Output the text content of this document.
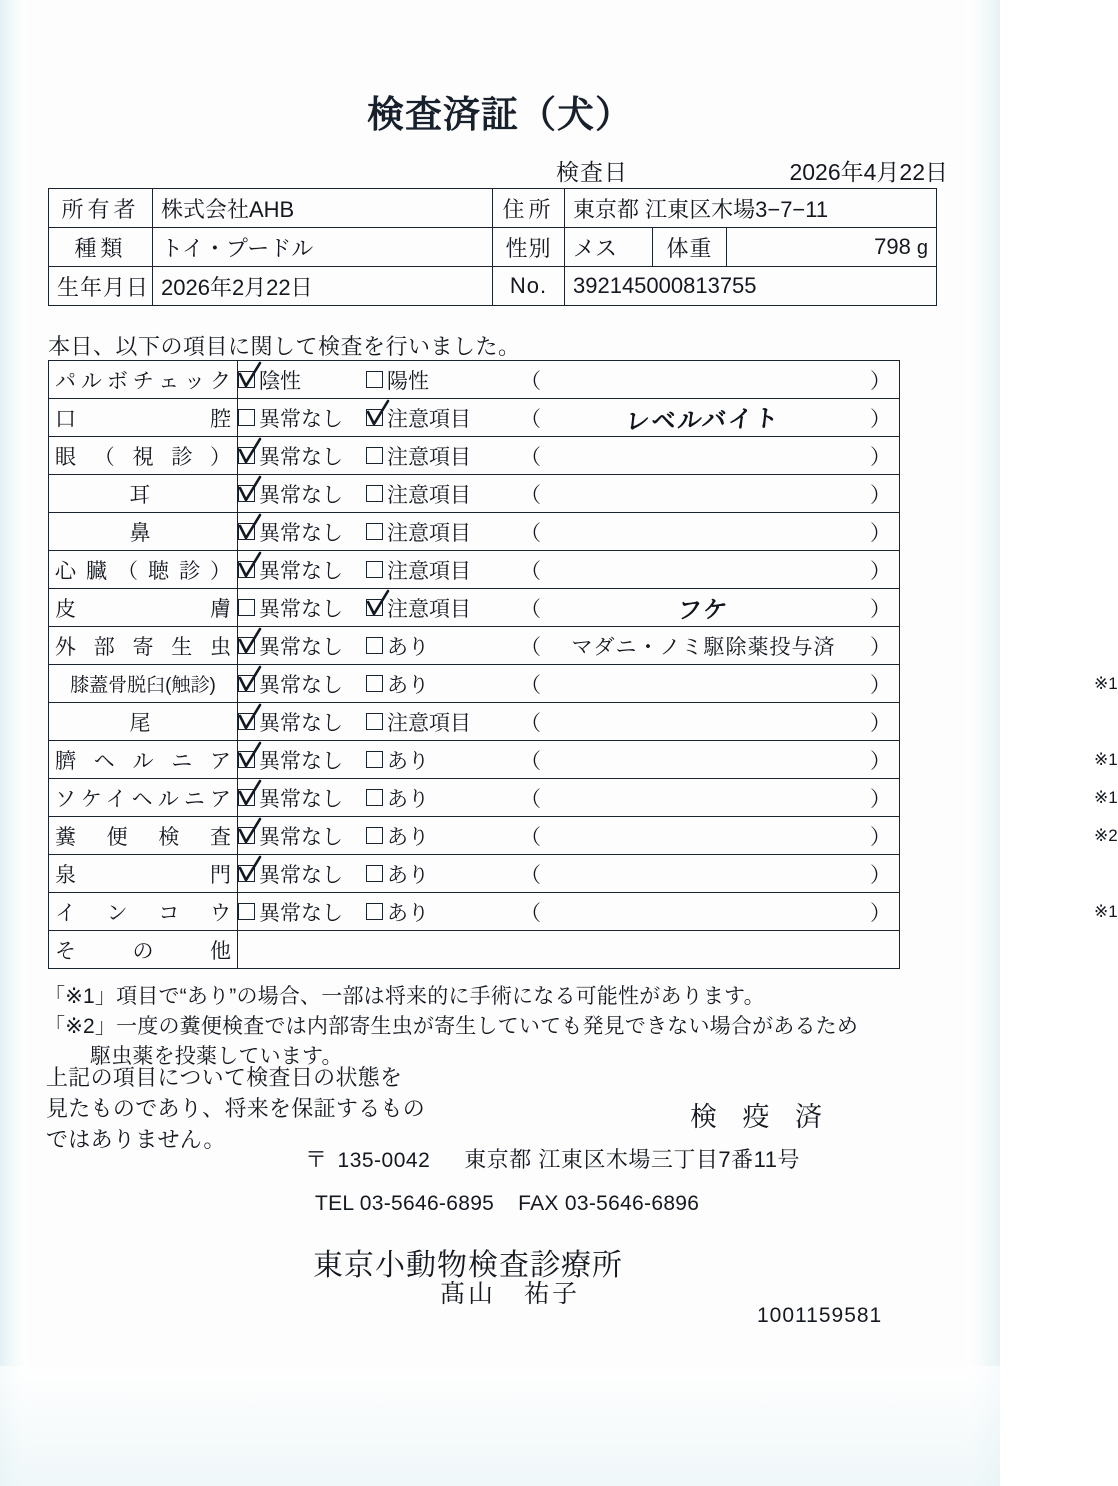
検査済証（犬）
検査日	2026年4月22日
所有者	株式会社AHB	住所	東京都 江東区木場3−7−11		
種類	トイ・プードル	性別	メス	体重	798 g
生年月日	2026年2月22日	No.	392145000813755		
本日、以下の項目に関して検査を行いました。
パルボチェック	陰性 陽性 （ ）

口　　　　腔	異常なし 注意項目 （ レベルバイト ）

眼（視診）	異常なし 注意項目 （ ）

耳	異常なし 注意項目 （ ）

鼻	異常なし 注意項目 （ ）

心臓（聴診）	異常なし 注意項目 （ ）

皮　　　　膚	異常なし 注意項目 （ フケ ）

外部寄生虫	異常なし あり （ マダニ・ノミ駆除薬投与済 ）

膝蓋骨脱臼(触診)	異常なし あり （ ） ※1

尾	異常なし 注意項目 （ ）

臍ヘルニア	異常なし あり （ ） ※1

ソケイヘルニア	異常なし あり （ ） ※1

糞便検査	異常なし あり （ ） ※2

泉　　　　門	異常なし あり （ ）

インコウ	異常なし あり （ ） ※1

そ　の　他	
「※1」項目で“あり”の場合、一部は将来的に手術になる可能性があります。
「※2」一度の糞便検査では内部寄生虫が寄生していても発見できない場合があるため
駆虫薬を投薬しています。
上記の項目について検査日の状態を
見たものであり、将来を保証するもの
ではありません。
検 疫 済
〒 135-0042 東京都 江東区木場三丁目7番11号
TEL 03-5646-6895 FAX 03-5646-6896
東京小動物検査診療所
髙山　祐子
1001159581
